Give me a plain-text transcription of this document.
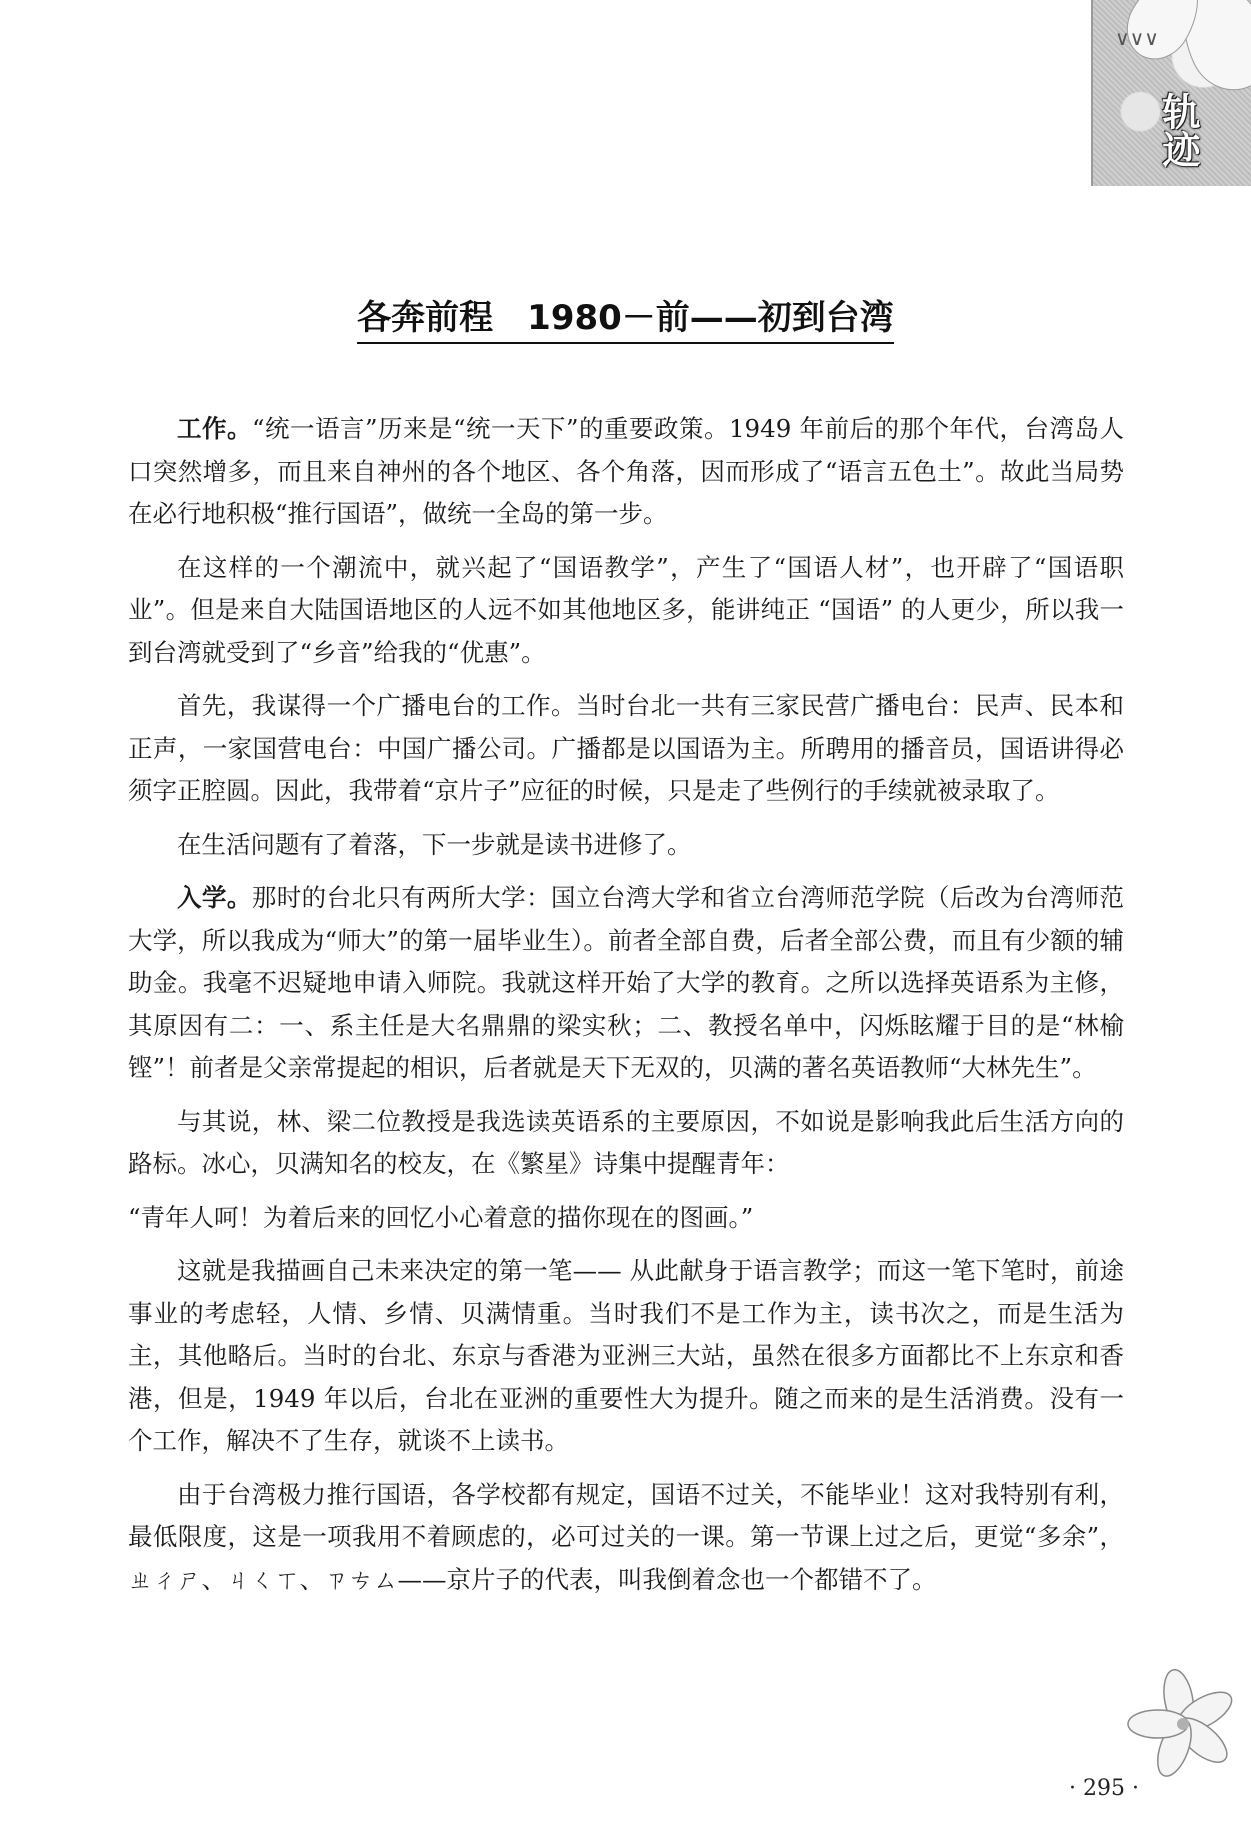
∨∨∨
轨迹
各奔前程　1980－前——初到台湾

工作。“统一语言”历来是“统一天下”的重要政策。1949 年前后的那个年代，台湾岛人口突然增多，而且来自神州的各个地区、各个角落，因而形成了“语言五色土”。故此当局势在必行地积极“推行国语”，做统一全岛的第一步。

在这样的一个潮流中，就兴起了“国语教学”，产生了“国语人材”，也开辟了“国语职业”。但是来自大陆国语地区的人远不如其他地区多，能讲纯正 “国语” 的人更少，所以我一到台湾就受到了“乡音”给我的“优惠”。

首先，我谋得一个广播电台的工作。当时台北一共有三家民营广播电台：民声、民本和正声，一家国营电台：中国广播公司。广播都是以国语为主。所聘用的播音员，国语讲得必须字正腔圆。因此，我带着“京片子”应征的时候，只是走了些例行的手续就被录取了。

在生活问题有了着落，下一步就是读书进修了。

入学。那时的台北只有两所大学：国立台湾大学和省立台湾师范学院（后改为台湾师范大学，所以我成为“师大”的第一届毕业生）。前者全部自费，后者全部公费，而且有少额的辅助金。我毫不迟疑地申请入师院。我就这样开始了大学的教育。之所以选择英语系为主修，其原因有二：一、系主任是大名鼎鼎的梁实秋；二、教授名单中，闪烁眩耀于目的是“林榆铿”！前者是父亲常提起的相识，后者就是天下无双的，贝满的著名英语教师“大林先生”。

与其说，林、梁二位教授是我选读英语系的主要原因，不如说是影响我此后生活方向的路标。冰心，贝满知名的校友，在《繁星》诗集中提醒青年：

“青年人呵！为着后来的回忆小心着意的描你现在的图画。”

这就是我描画自己未来决定的第一笔—— 从此献身于语言教学；而这一笔下笔时，前途事业的考虑轻，人情、乡情、贝满情重。当时我们不是工作为主，读书次之，而是生活为主，其他略后。当时的台北、东京与香港为亚洲三大站，虽然在很多方面都比不上东京和香港，但是，1949 年以后，台北在亚洲的重要性大为提升。随之而来的是生活消费。没有一个工作，解决不了生存，就谈不上读书。

由于台湾极力推行国语，各学校都有规定，国语不过关，不能毕业！这对我特别有利，最低限度，这是一项我用不着顾虑的，必可过关的一课。第一节课上过之后，更觉“多余”，ㄓㄔㄕ、ㄐㄑㄒ、ㄗㄘㄙ——京片子的代表，叫我倒着念也一个都错不了。

· 295 ·
